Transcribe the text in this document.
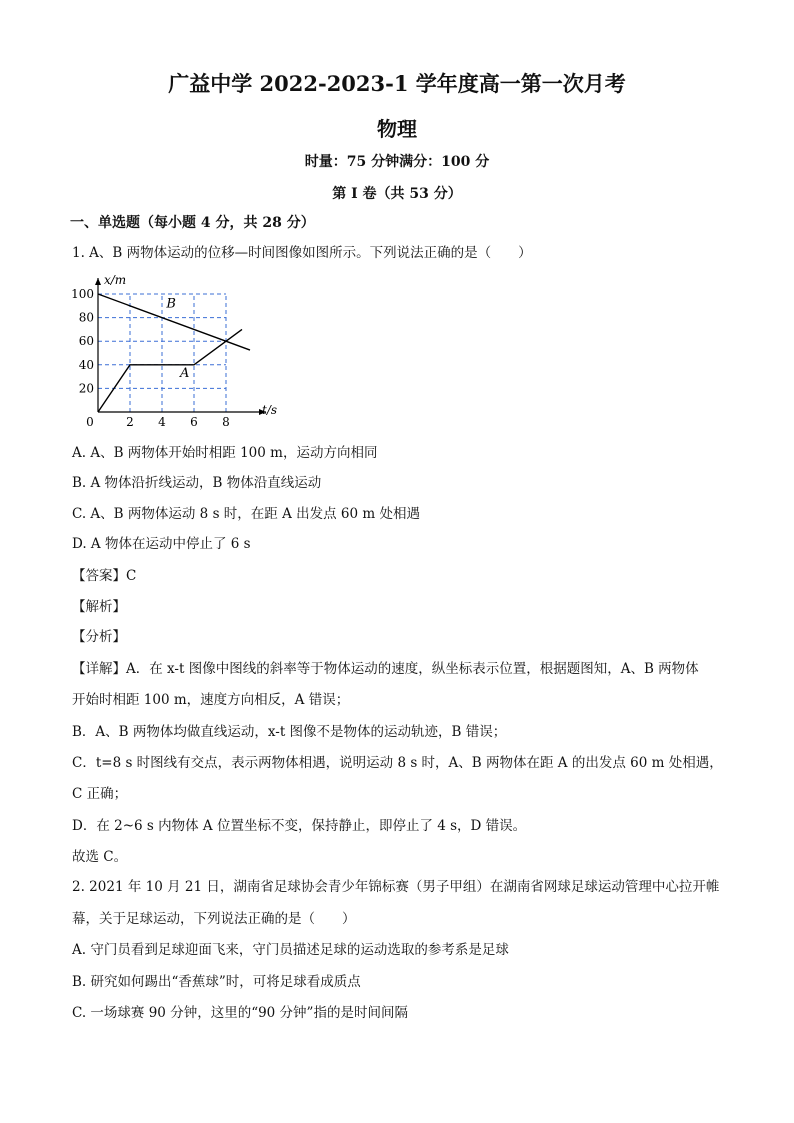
广益中学 2022-2023-1 学年度高一第一次月考
物理
时量：75 分钟满分：100 分
第 I 卷（共 53 分）
一、单选题（每小题 4 分，共 28 分）
1. A、B 两物体运动的位移—时间图像如图所示。下列说法正确的是（　　）
0	2 4 6 8
20
40
60
80
100
t/s
x/m
A
B
A. A、B 两物体开始时相距 100 m，运动方向相同
B. A 物体沿折线运动，B 物体沿直线运动
C. A、B 两物体运动 8 s 时，在距 A 出发点 60 m 处相遇
D. A 物体在运动中停止了 6 s
【答案】C
【解析】
【分析】
【详解】A．在 x-t 图像中图线的斜率等于物体运动的速度，纵坐标表示位置，根据题图知，A、B 两物体
开始时相距 100 m，速度方向相反，A 错误；
B．A、B 两物体均做直线运动，x-t 图像不是物体的运动轨迹，B 错误；
C．t=8 s 时图线有交点，表示两物体相遇，说明运动 8 s 时，A、B 两物体在距 A 的出发点 60 m 处相遇，
C 正确；
D．在 2~6 s 内物体 A 位置坐标不变，保持静止，即停止了 4 s，D 错误。
故选 C。
2. 2021 年 10 月 21 日，湖南省足球协会青少年锦标赛（男子甲组）在湖南省网球足球运动管理中心拉开帷
幕，关于足球运动，下列说法正确的是（　　）
A. 守门员看到足球迎面飞来，守门员描述足球的运动选取的参考系是足球
B. 研究如何踢出“香蕉球”时，可将足球看成质点
C. 一场球赛 90 分钟，这里的“90 分钟”指的是时间间隔
